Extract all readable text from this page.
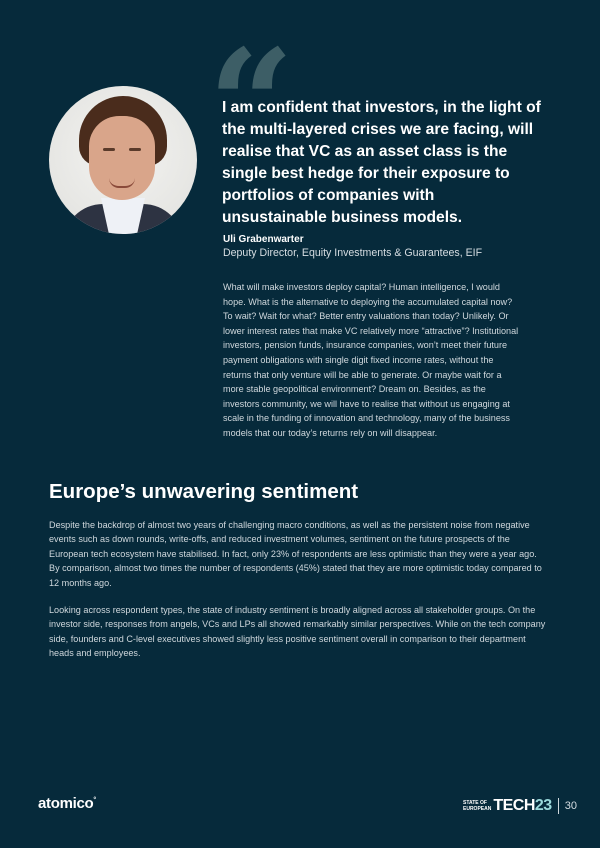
“

I am confident that investors, in the light of the multi-layered crises we are facing, will realise that VC as an asset class is the single best hedge for their exposure to portfolios of companies with unsustainable business models.

Uli Grabenwarter
Deputy Director, Equity Investments & Guarantees, EIF

What will make investors deploy capital? Human intelligence, I would hope. What is the alternative to deploying the accumulated capital now? To wait? Wait for what? Better entry valuations than today? Unlikely. Or lower interest rates that make VC relatively more “attractive”? Institutional investors, pension funds, insurance companies, won’t meet their future payment obligations with single digit fixed income rates, without the returns that only venture will be able to generate. Or maybe wait for a more stable geopolitical environment? Dream on. Besides, as the investors community, we will have to realise that without us engaging at scale in the funding of innovation and technology, many of the business models that our today’s returns rely on will disappear.

Europe’s unwavering sentiment

Despite the backdrop of almost two years of challenging macro conditions, as well as the persistent noise from negative events such as down rounds, write-offs, and reduced investment volumes, sentiment on the future prospects of the European tech ecosystem have stabilised. In fact, only 23% of respondents are less optimistic than they were a year ago. By comparison, almost two times the number of respondents (45%) stated that they are more optimistic today compared to 12 months ago.

Looking across respondent types, the state of industry sentiment is broadly aligned across all stakeholder groups. On the investor side, responses from angels, VCs and LPs all showed remarkably similar perspectives. While on the tech company side, founders and C-level executives showed slightly less positive sentiment overall in comparison to their department heads and employees.

atomico°	STATE OF
EUROPEAN TECH 23 30
